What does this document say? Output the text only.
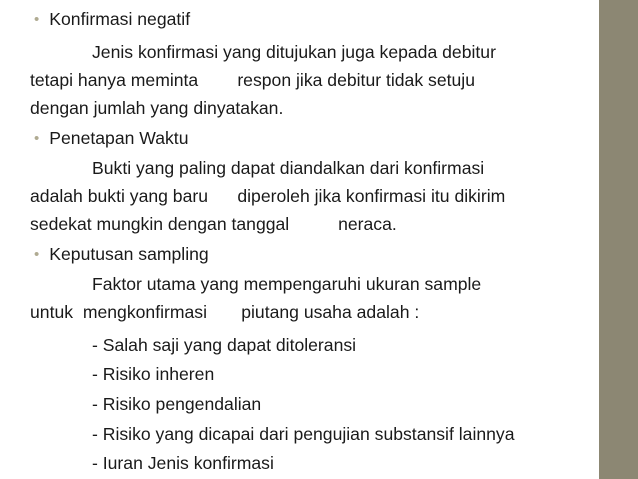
• Konfirmasi negatif
Jenis konfirmasi yang ditujukan juga kepada debitur
tetapi hanya meminta        respon jika debitur tidak setuju
dengan jumlah yang dinyatakan.
• Penetapan Waktu
Bukti yang paling dapat diandalkan dari konfirmasi
adalah bukti yang baru      diperoleh jika konfirmasi itu dikirim
sedekat mungkin dengan tanggal          neraca.
• Keputusan sampling
Faktor utama yang mempengaruhi ukuran sample
untuk  mengkonfirmasi       piutang usaha adalah :
- Salah saji yang dapat ditoleransi
- Risiko inheren
- Risiko pengendalian
- Risiko yang dicapai dari pengujian substansif lainnya
- Iuran Jenis konfirmasi
